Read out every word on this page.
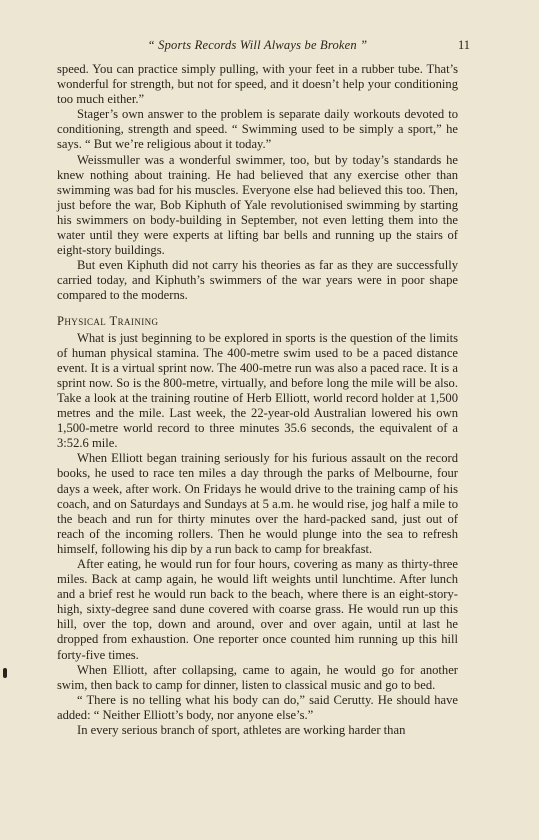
“ Sports Records Will Always be Broken ”	11

speed. You can practice simply pulling, with your feet in a rubber tube. That’s wonderful for strength, but not for speed, and it doesn’t help your conditioning too much either.”

Stager’s own answer to the problem is separate daily workouts devoted to conditioning, strength and speed. “ Swimming used to be simply a sport,” he says. “ But we’re religious about it today.”

Weissmuller was a wonderful swimmer, too, but by today’s standards he knew nothing about training. He had believed that any exercise other than swimming was bad for his muscles. Everyone else had believed this too. Then, just before the war, Bob Kiphuth of Yale revolutionised swimming by starting his swimmers on body-building in September, not even letting them into the water until they were experts at lifting bar bells and running up the stairs of eight-story buildings.

But even Kiphuth did not carry his theories as far as they are successfully carried today, and Kiphuth’s swimmers of the war years were in poor shape compared to the moderns.

Physical Training

What is just beginning to be explored in sports is the question of the limits of human physical stamina. The 400-metre swim used to be a paced distance event. It is a virtual sprint now. The 400-metre run was also a paced race. It is a sprint now. So is the 800-metre, virtually, and before long the mile will be also. Take a look at the training routine of Herb Elliott, world record holder at 1,500 metres and the mile. Last week, the 22-year-old Australian lowered his own 1,500-metre world record to three minutes 35.6 seconds, the equivalent of a 3:52.6 mile.

When Elliott began training seriously for his furious assault on the record books, he used to race ten miles a day through the parks of Melbourne, four days a week, after work. On Fridays he would drive to the training camp of his coach, and on Saturdays and Sundays at 5 a.m. he would rise, jog half a mile to the beach and run for thirty minutes over the hard-packed sand, just out of reach of the incoming rollers. Then he would plunge into the sea to refresh himself, following his dip by a run back to camp for breakfast.

After eating, he would run for four hours, covering as many as thirty-three miles. Back at camp again, he would lift weights until lunchtime. After lunch and a brief rest he would run back to the beach, where there is an eight-story-high, sixty-degree sand dune covered with coarse grass. He would run up this hill, over the top, down and around, over and over again, until at last he dropped from exhaustion. One reporter once counted him running up this hill forty-five times.

When Elliott, after collapsing, came to again, he would go for another swim, then back to camp for dinner, listen to classical music and go to bed.

“ There is no telling what his body can do,” said Cerutty. He should have added: “ Neither Elliott’s body, nor anyone else’s.”

In every serious branch of sport, athletes are working harder than
